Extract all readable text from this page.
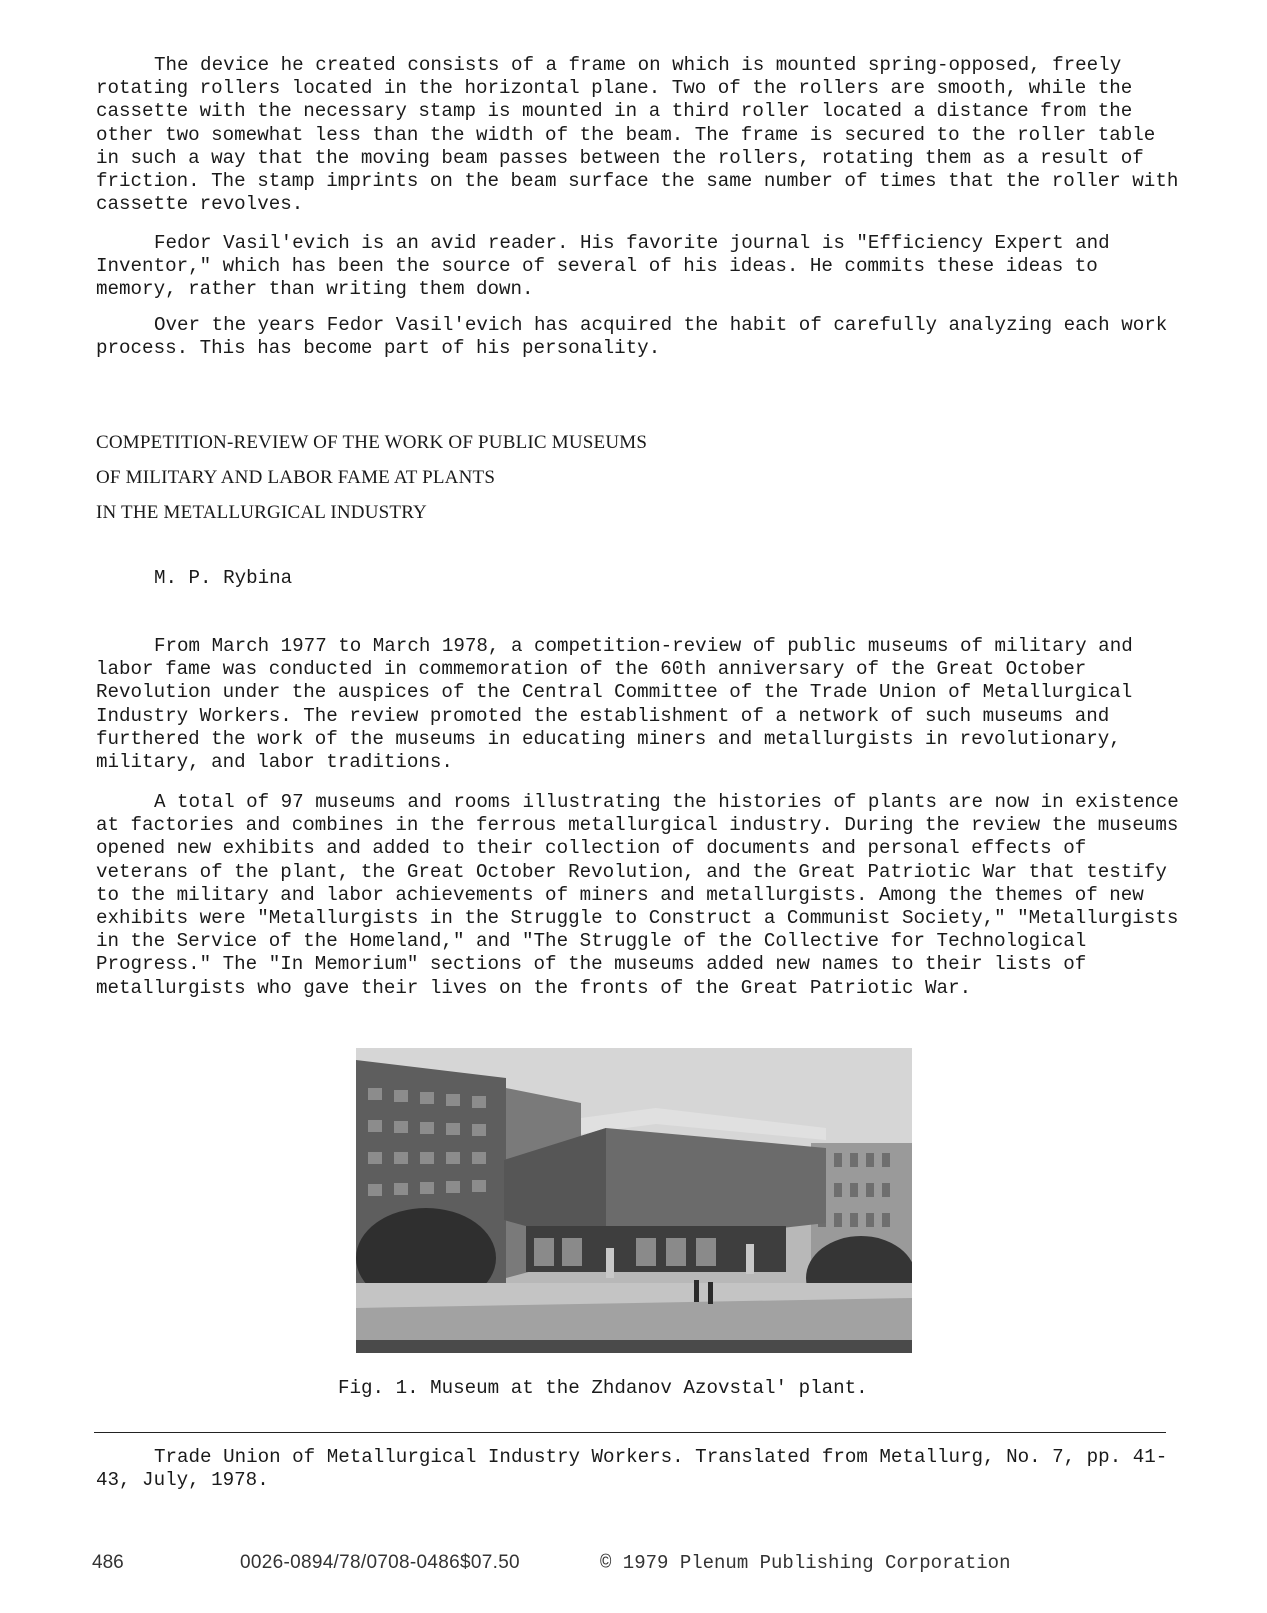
The device he created consists of a frame on which is mounted spring-opposed, freely rotating rollers located in the horizontal plane. Two of the rollers are smooth, while the cassette with the necessary stamp is mounted in a third roller located a distance from the other two somewhat less than the width of the beam. The frame is secured to the roller table in such a way that the moving beam passes between the rollers, rotating them as a result of friction. The stamp imprints on the beam surface the same number of times that the roller with cassette revolves.

Fedor Vasil'evich is an avid reader. His favorite journal is "Efficiency Expert and Inventor," which has been the source of several of his ideas. He commits these ideas to memory, rather than writing them down.

Over the years Fedor Vasil'evich has acquired the habit of carefully analyzing each work process. This has become part of his personality.

COMPETITION-REVIEW OF THE WORK OF PUBLIC MUSEUMS
OF MILITARY AND LABOR FAME AT PLANTS
IN THE METALLURGICAL INDUSTRY
M. P. Rybina

From March 1977 to March 1978, a competition-review of public museums of military and labor fame was conducted in commemoration of the 60th anniversary of the Great October Revolution under the auspices of the Central Committee of the Trade Union of Metallurgical Industry Workers. The review promoted the establishment of a network of such museums and furthered the work of the museums in educating miners and metallurgists in revolutionary, military, and labor traditions.

A total of 97 museums and rooms illustrating the histories of plants are now in existence at factories and combines in the ferrous metallurgical industry. During the review the museums opened new exhibits and added to their collection of documents and personal effects of veterans of the plant, the Great October Revolution, and the Great Patriotic War that testify to the military and labor achievements of miners and metallurgists. Among the themes of new exhibits were "Metallurgists in the Struggle to Construct a Communist Society," "Metallurgists in the Service of the Homeland," and "The Struggle of the Collective for Technological Progress." The "In Memorium" sections of the museums added new names to their lists of metallurgists who gave their lives on the fronts of the Great Patriotic War.

Fig. 1. Museum at the Zhdanov Azovstal' plant.

Trade Union of Metallurgical Industry Workers. Translated from Metallurg, No. 7, pp. 41-43, July, 1978.

486	0026-0894/78/0708-0486$07.50	© 1979 Plenum Publishing Corporation
